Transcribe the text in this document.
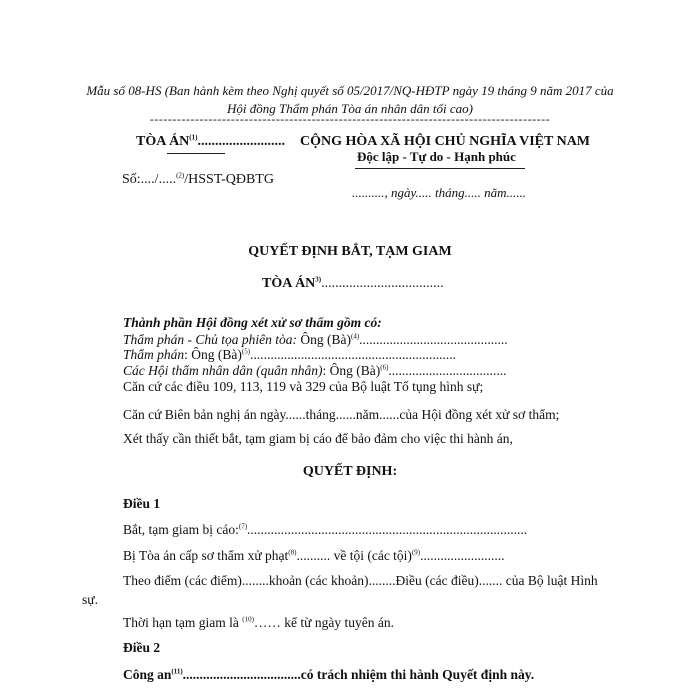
Mẫu số 08-HS (Ban hành kèm theo Nghị quyết số 05/2017/NQ-HĐTP ngày 19 tháng 9 năm 2017 của
Hội đồng Thẩm phán Tòa án nhân dân tối cao)
-----------------------------------------------------------------------------------------
TÒA ÁN$^{(1)}$.........................
Số:..../.....$^{(2)}$/HSST-QĐBTG
CỘNG HÒA XÃ HỘI CHỦ NGHĨA VIỆT NAM
Độc lập - Tự do - Hạnh phúc
.........., ngày..... tháng..... năm......
QUYẾT ĐỊNH BẮT, TẠM GIAM
TÒA ÁN$^{3)}$...................................
Thành phần Hội đồng xét xử sơ thẩm gồm có:
Thẩm phán - Chủ tọa phiên tòa: Ông (Bà)$^{(4)}$............................................
Thẩm phán: Ông (Bà)$^{(5)}$.............................................................
Các Hội thẩm nhân dân (quân nhân): Ông (Bà)$^{(6)}$...................................
Căn cứ các điều 109, 113, 119 và 329 của Bộ luật Tố tụng hình sự;
Căn cứ Biên bản nghị án ngày......tháng......năm......của Hội đồng xét xử sơ thẩm;
Xét thấy cần thiết bắt, tạm giam bị cáo để bảo đảm cho việc thi hành án,
QUYẾT ĐỊNH:
Điều 1
Bắt, tạm giam bị cáo:$^{(7)}$...................................................................................
Bị Tòa án cấp sơ thẩm xử phạt$^{(8)}$.......... về tội (các tội)$^{(9)}$.........................
Theo điểm (các điểm)........khoản (các khoản)........Điều (các điều)....... của Bộ luật Hình
sự.
Thời hạn tạm giam là $^{(10)}$…… kể từ ngày tuyên án.
Điều 2
Công $an^{(11)}...................................có$ trách nhiệm thi hành Quyết định này.
